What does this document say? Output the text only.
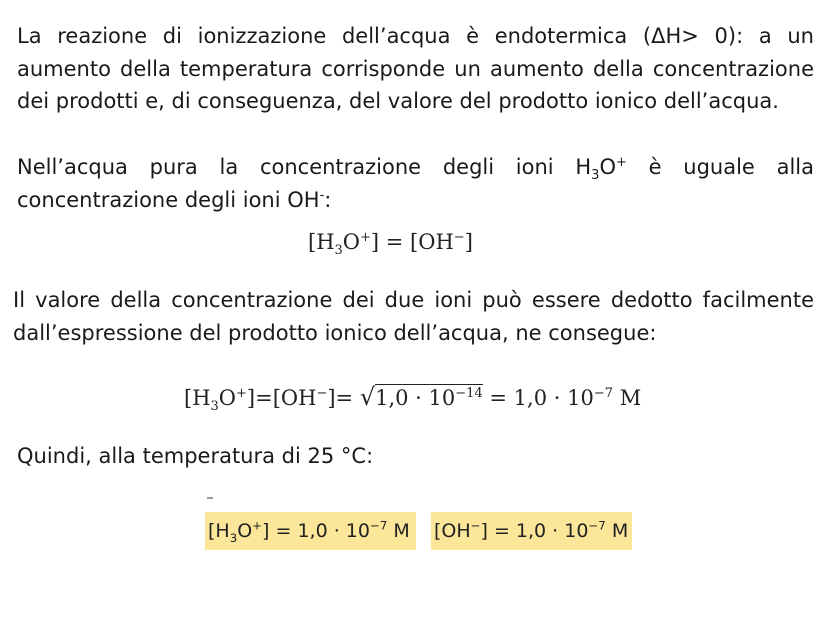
La reazione di ionizzazione dell’acqua è endotermica (ΔH> 0): a un aumento della temperatura corrisponde un aumento della concentrazione dei prodotti e, di conseguenza, del valore del prodotto ionico dell’acqua.

Nell’acqua pura la concentrazione degli ioni $H_3O^+$ è uguale alla concentrazione degli ioni OH-:

$[H_3O^+] = [OH^-]$

Il valore della concentrazione dei due ioni può essere dedotto facilmente dall’espressione del prodotto ionico dell’acqua, ne consegue:

$[H_3O^+]=[OH^-]= √1,0 \cdot 10^{-14} = 1,0 \cdot 10^{-7}$ M

Quindi, alla temperatura di 25 °C:

$[H_3O^+] = 1,0 \cdot 10^{-7}$ M	$[OH^-] = 1,0 \cdot 10^{-7}$ M
